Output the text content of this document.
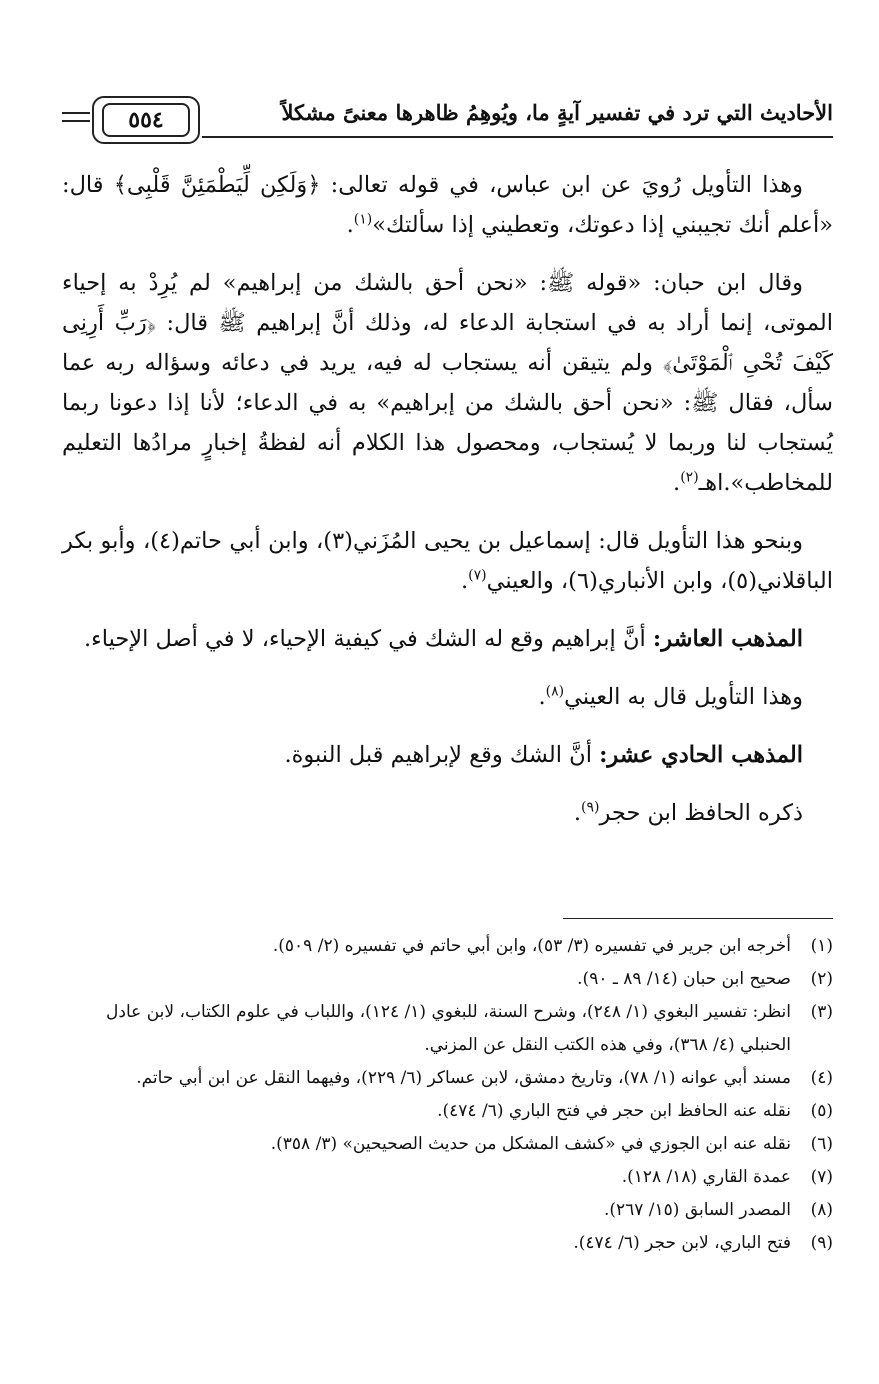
الأحاديث التي ترد في تفسير آيةٍ ما، ويُوهِمُ ظاهرها معنىً مشكلاً
٥٥٤

وهذا التأويل رُويَ عن ابن عباس، في قوله تعالى: ﴿وَلَكِن لِّيَطْمَئِنَّ قَلْبِى﴾ قال: «أعلم أنك تجيبني إذا دعوتك، وتعطيني إذا سألتك»$^{(١)}$.

وقال ابن حبان: «قوله ﷺ: «نحن أحق بالشك من إبراهيم» لم يُرِدْ به إحياء الموتى، إنما أراد به في استجابة الدعاء له، وذلك أنَّ إبراهيم ﷺ قال: ﴿رَبِّ أَرِنِى كَيْفَ تُحْىِ ٱلْمَوْتَىٰ﴾ ولم يتيقن أنه يستجاب له فيه، يريد في دعائه وسؤاله ربه عما سأل، فقال ﷺ: «نحن أحق بالشك من إبراهيم» به في الدعاء؛ لأنا إذا دعونا ربما يُستجاب لنا وربما لا يُستجاب، ومحصول هذا الكلام أنه لفظةُ إخبارٍ مرادُها التعليم للمخاطب».اهـ$^{(٢)}$.

وبنحو هذا التأويل قال: إسماعيل بن يحيى المُزَني(٣)، وابن أبي حاتم(٤)، وأبو بكر الباقلاني(٥)، وابن الأنباري(٦)، والعيني$^{(٧)}$.

المذهب العاشر: أنَّ إبراهيم وقع له الشك في كيفية الإحياء، لا في أصل الإحياء.

وهذا التأويل قال به العيني$^{(٨)}$.

المذهب الحادي عشر: أنَّ الشك وقع لإبراهيم قبل النبوة.

ذكره الحافظ ابن حجر$^{(٩)}$.

(١)
أخرجه ابن جرير في تفسيره (٣/ ٥٣)، وابن أبي حاتم في تفسيره (٢/ ٥٠٩).
(٢)
صحيح ابن حبان (١٤/ ٨٩ ـ ٩٠).
(٣)
انظر: تفسير البغوي (١/ ٢٤٨)، وشرح السنة، للبغوي (١/ ١٢٤)، واللباب في علوم الكتاب، لابن عادل الحنبلي (٤/ ٣٦٨)، وفي هذه الكتب النقل عن المزني.
(٤)
مسند أبي عوانه (١/ ٧٨)، وتاريخ دمشق، لابن عساكر (٦/ ٢٢٩)، وفيهما النقل عن ابن أبي حاتم.
(٥)
نقله عنه الحافظ ابن حجر في فتح الباري (٦/ ٤٧٤).
(٦)
نقله عنه ابن الجوزي في «كشف المشكل من حديث الصحيحين» (٣/ ٣٥٨).
(٧)
عمدة القاري (١٨/ ١٢٨).
(٨)
المصدر السابق (١٥/ ٢٦٧).
(٩)
فتح الباري، لابن حجر (٦/ ٤٧٤).
